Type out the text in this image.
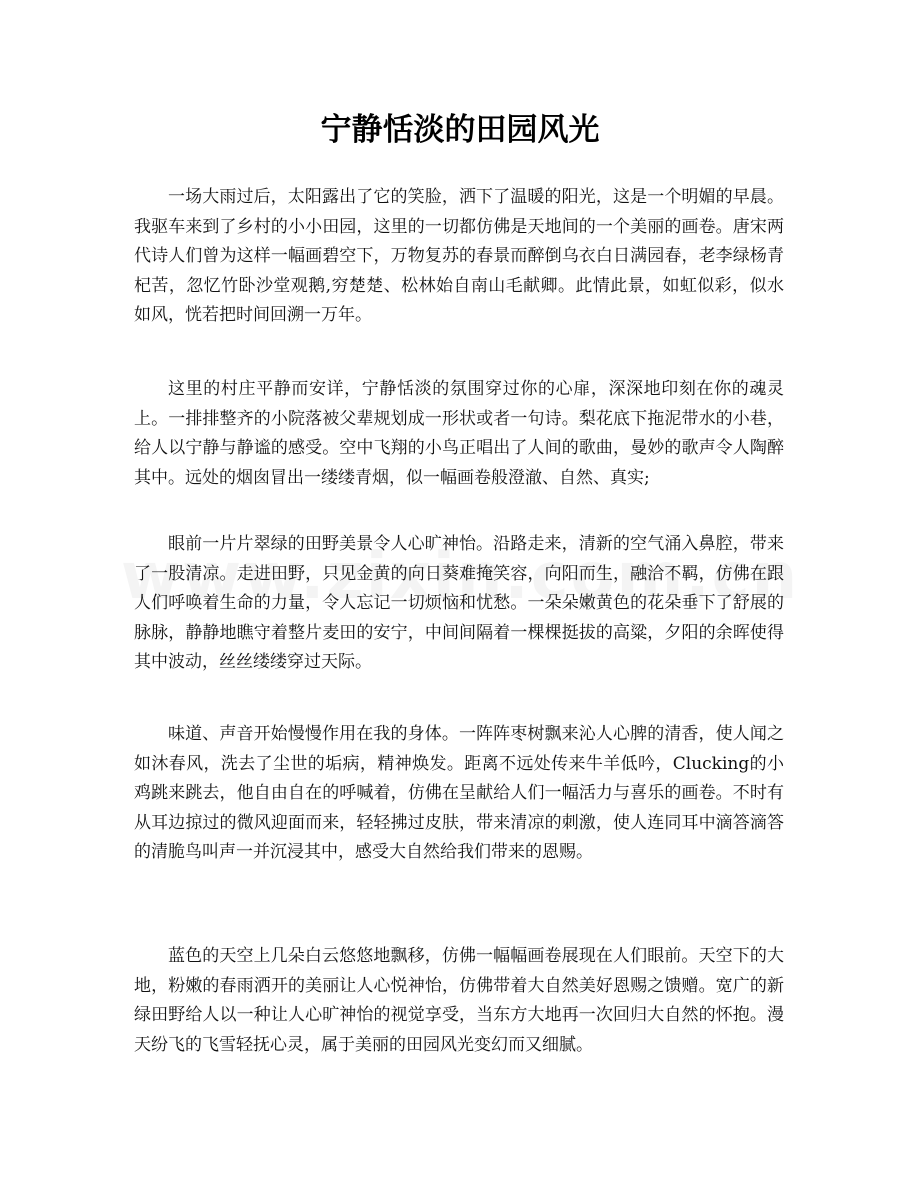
宁静恬淡的田园风光

一场大雨过后，太阳露出了它的笑脸，洒下了温暖的阳光，这是一个明媚的早晨。我驱车来到了乡村的小小田园，这里的一切都仿佛是天地间的一个美丽的画卷。唐宋两代诗人们曾为这样一幅画碧空下，万物复苏的春景而醉倒乌衣白日满园春，老李绿杨青杞苦，忽忆竹卧沙堂观鹅,穷楚楚、松林始自南山毛献卿。此情此景，如虹似彩，似水如风，恍若把时间回溯一万年。

这里的村庄平静而安详，宁静恬淡的氛围穿过你的心扉，深深地印刻在你的魂灵上。一排排整齐的小院落被父辈规划成一形状或者一句诗。梨花底下拖泥带水的小巷，给人以宁静与静谧的感受。空中飞翔的小鸟正唱出了人间的歌曲，曼妙的歌声令人陶醉其中。远处的烟囱冒出一缕缕青烟，似一幅画卷般澄澈、自然、真实;

眼前一片片翠绿的田野美景令人心旷神怡。沿路走来，清新的空气涌入鼻腔，带来了一股清凉。走进田野，只见金黄的向日葵难掩笑容，向阳而生，融洽不羁，仿佛在跟人们呼唤着生命的力量，令人忘记一切烦恼和忧愁。一朵朵嫩黄色的花朵垂下了舒展的脉脉，静静地瞧守着整片麦田的安宁，中间间隔着一棵棵挺拔的高粱，夕阳的余晖使得其中波动，丝丝缕缕穿过天际。

味道、声音开始慢慢作用在我的身体。一阵阵枣树飘来沁人心脾的清香，使人闻之如沐春风，洗去了尘世的垢病，精神焕发。距离不远处传来牛羊低吟，Clucking的小鸡跳来跳去，他自由自在的呼喊着，仿佛在呈献给人们一幅活力与喜乐的画卷。不时有从耳边掠过的微风迎面而来，轻轻拂过皮肤，带来清凉的刺激，使人连同耳中滴答滴答的清脆鸟叫声一并沉浸其中，感受大自然给我们带来的恩赐。

蓝色的天空上几朵白云悠悠地飘移，仿佛一幅幅画卷展现在人们眼前。天空下的大地，粉嫩的春雨洒开的美丽让人心悦神怡，仿佛带着大自然美好恩赐之馈赠。宽广的新绿田野给人以一种让人心旷神怡的视觉享受，当东方大地再一次回归大自然的怀抱。漫天纷飞的飞雪轻抚心灵，属于美丽的田园风光变幻而又细腻。
